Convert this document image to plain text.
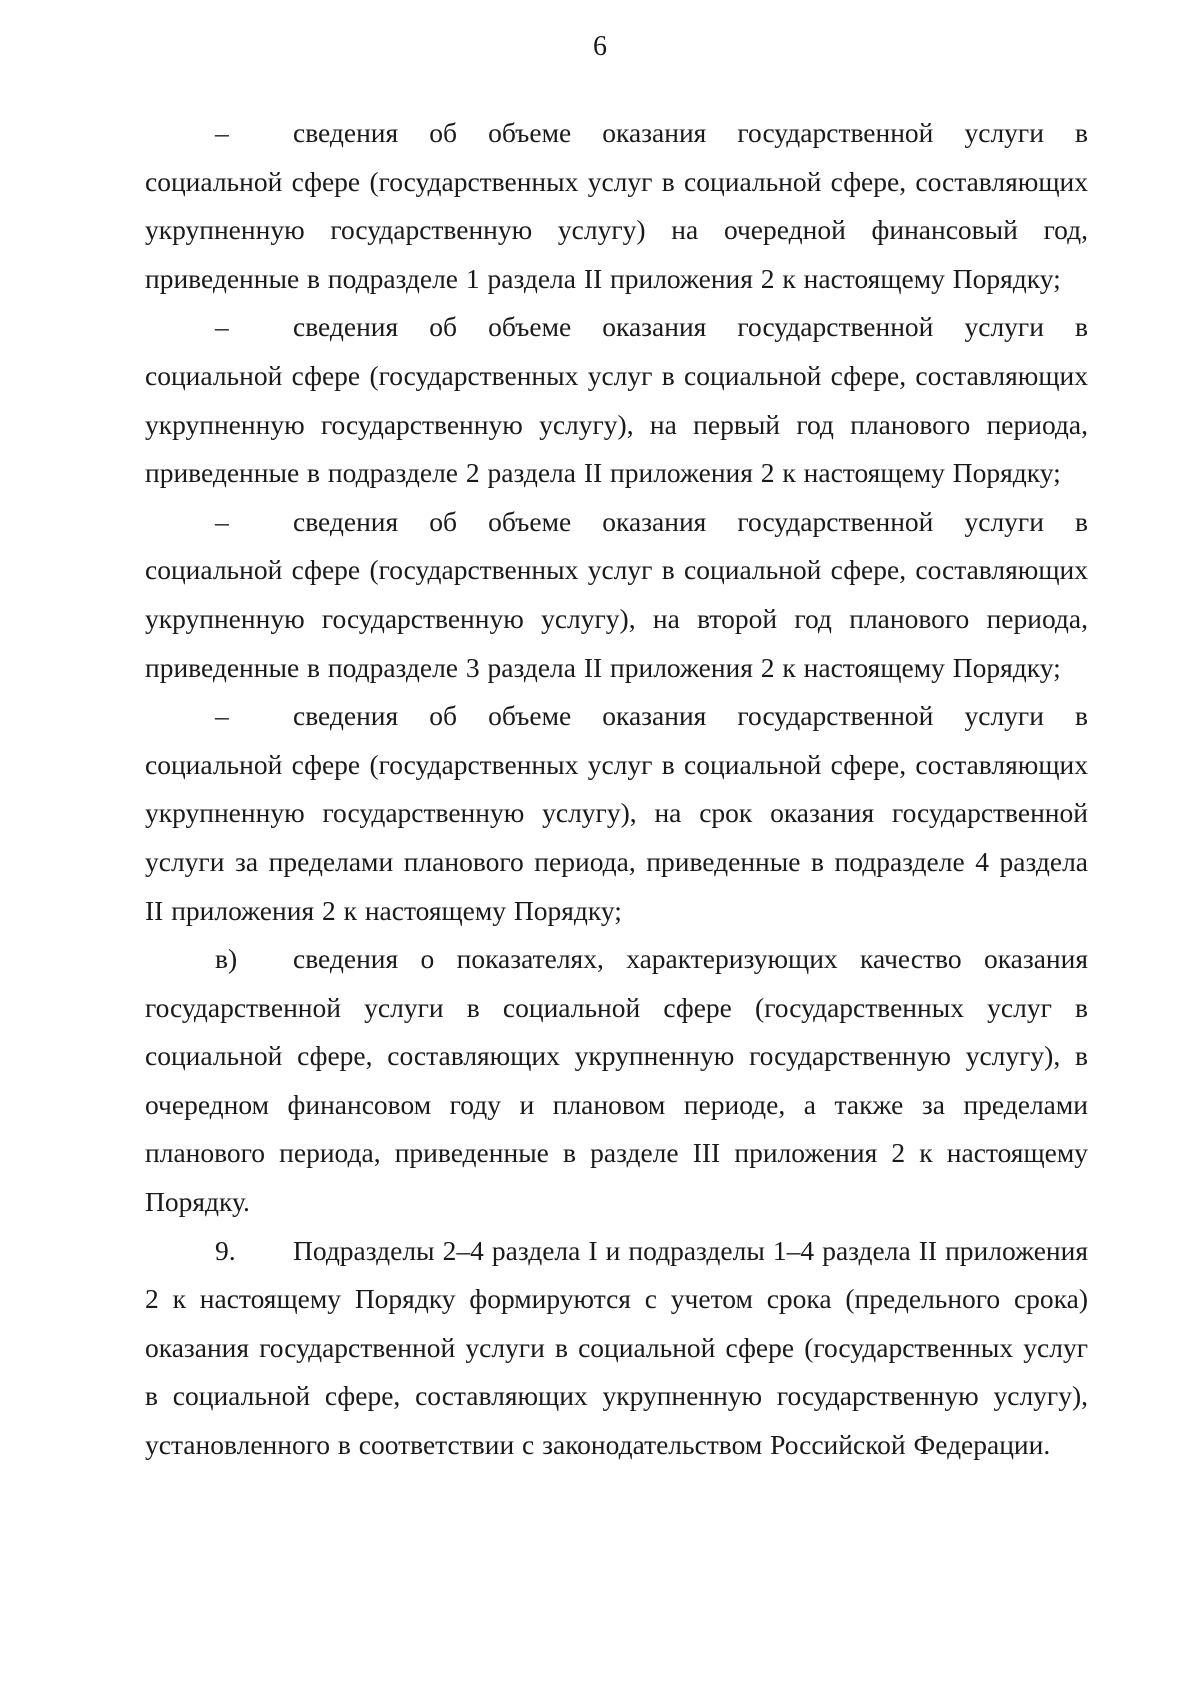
6

– сведения об объеме оказания государственной услуги в социальной сфере (государственных услуг в социальной сфере, составляющих укрупненную государственную услугу) на очередной финансовый год, приведенные в подразделе 1 раздела II приложения 2 к настоящему Порядку;

– сведения об объеме оказания государственной услуги в социальной сфере (государственных услуг в социальной сфере, составляющих укрупненную государственную услугу), на первый год планового периода, приведенные в подразделе 2 раздела II приложения 2 к настоящему Порядку;

– сведения об объеме оказания государственной услуги в социальной сфере (государственных услуг в социальной сфере, составляющих укрупненную государственную услугу), на второй год планового периода, приведенные в подразделе 3 раздела II приложения 2 к настоящему Порядку;

– сведения об объеме оказания государственной услуги в социальной сфере (государственных услуг в социальной сфере, составляющих укрупненную государственную услугу), на срок оказания государственной услуги за пределами планового периода, приведенные в подразделе 4 раздела II приложения 2 к настоящему Порядку;

в) сведения о показателях, характеризующих качество оказания государственной услуги в социальной сфере (государственных услуг в социальной сфере, составляющих укрупненную государственную услугу), в очередном финансовом году и плановом периоде, а также за пределами планового периода, приведенные в разделе III приложения 2 к настоящему Порядку.

9. Подразделы 2–4 раздела I и подразделы 1–4 раздела II приложения 2 к настоящему Порядку формируются с учетом срока (предельного срока) оказания государственной услуги в социальной сфере (государственных услуг в социальной сфере, составляющих укрупненную государственную услугу), установленного в соответствии с законодательством Российской Федерации.
